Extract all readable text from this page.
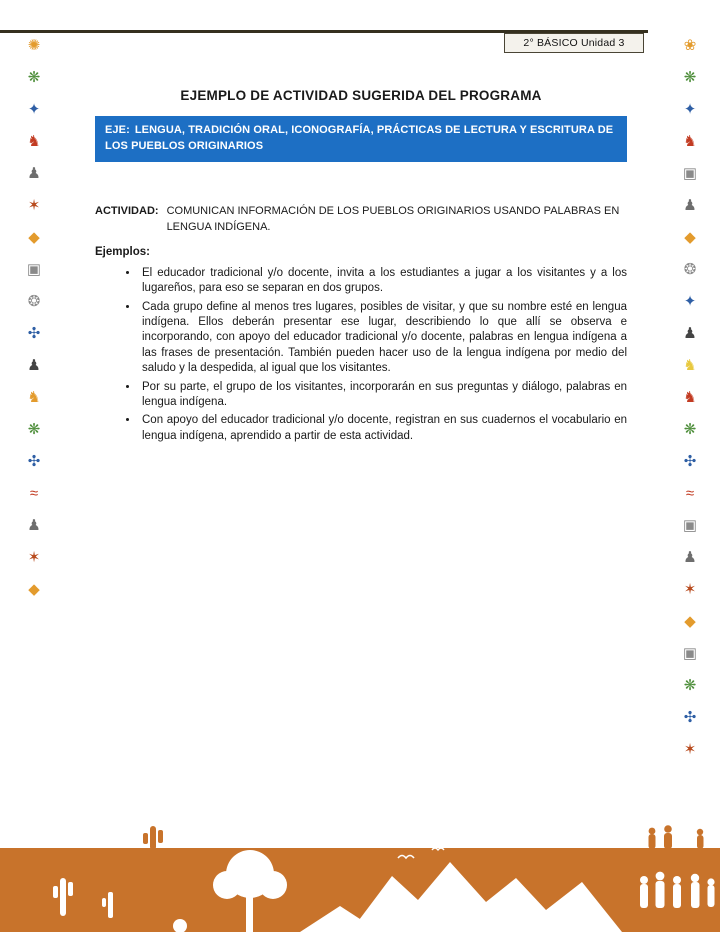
2° BÁSICO Unidad 3
✺
❋
✦
♞
♟
✶
◆
▣
❂
✣
♟
♞
❋
✣
≈
♟
✶
◆
❀
❋
✦
♞
▣
♟
◆
❂
✦
♟
♞
♞
❋
✣
≈
▣
♟
✶
◆
▣
❋
✣
✶
EJEMPLO DE ACTIVIDAD SUGERIDA DEL PROGRAMA
EJE: LENGUA, TRADICIÓN ORAL, ICONOGRAFÍA, PRÁCTICAS DE LECTURA Y ESCRITURA DE LOS PUEBLOS ORIGINARIOS
ACTIVIDAD: COMUNICAN INFORMACIÓN DE LOS PUEBLOS ORIGINARIOS USANDO PALABRAS EN LENGUA INDÍGENA.
Ejemplos:
• El educador tradicional y/o docente, invita a los estudiantes a jugar a los visitantes y a los lugareños, para eso se separan en dos grupos.
• Cada grupo define al menos tres lugares, posibles de visitar, y que su nombre esté en lengua indígena. Ellos deberán presentar ese lugar, describiendo lo que allí se observa e incorporando, con apoyo del educador tradicional y/o docente, palabras en lengua indígena a las frases de presentación. También pueden hacer uso de la lengua indígena por medio del saludo y la despedida, al igual que los visitantes.
• Por su parte, el grupo de los visitantes, incorporarán en sus preguntas y diálogo, palabras en lengua indígena.
• Con apoyo del educador tradicional y/o docente, registran en sus cuadernos el vocabulario en lengua indígena, aprendido a partir de esta actividad.
